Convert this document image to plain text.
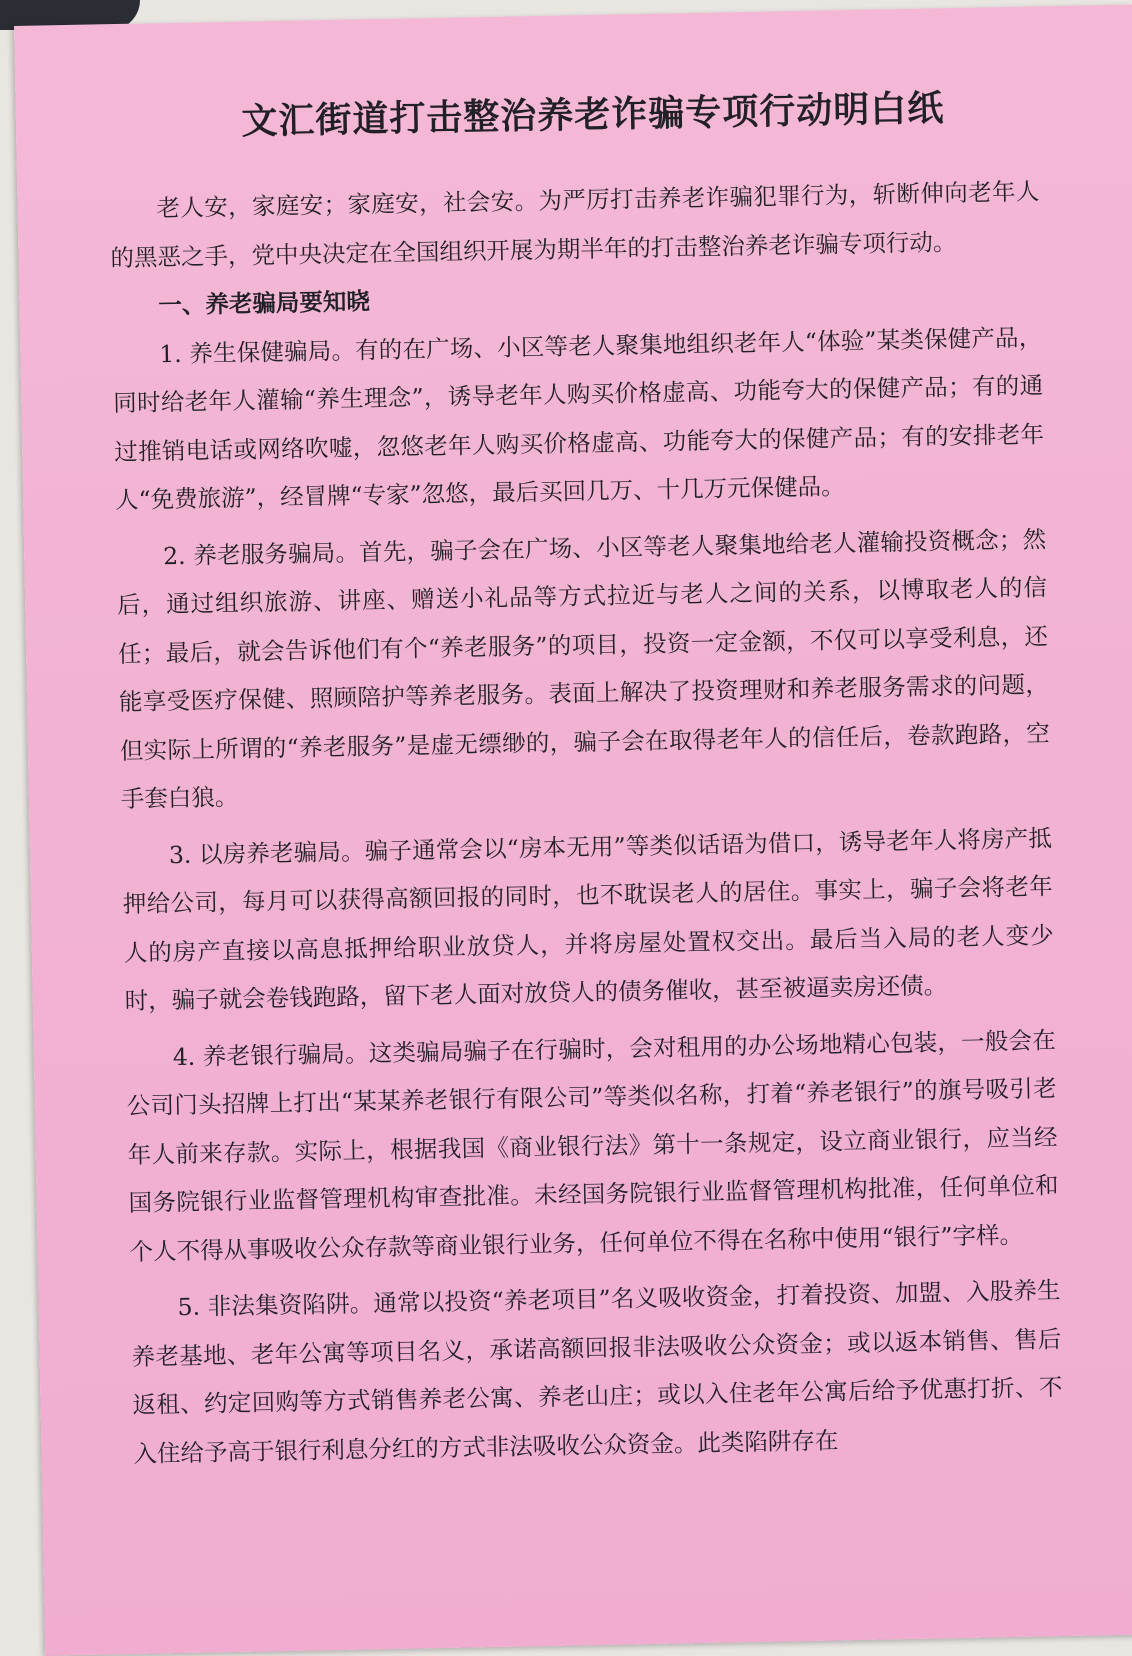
文汇街道打击整治养老诈骗专项行动明白纸

老人安，家庭安；家庭安，社会安。为严厉打击养老诈骗犯罪行为，斩断伸向老年人的黑恶之手，党中央决定在全国组织开展为期半年的打击整治养老诈骗专项行动。

一、养老骗局要知晓

1. 养生保健骗局。有的在广场、小区等老人聚集地组织老年人“体验”某类保健产品，同时给老年人灌输“养生理念”，诱导老年人购买价格虚高、功能夸大的保健产品；有的通过推销电话或网络吹嘘，忽悠老年人购买价格虚高、功能夸大的保健产品；有的安排老年人“免费旅游”，经冒牌“专家”忽悠，最后买回几万、十几万元保健品。

2. 养老服务骗局。首先，骗子会在广场、小区等老人聚集地给老人灌输投资概念；然后，通过组织旅游、讲座、赠送小礼品等方式拉近与老人之间的关系，以博取老人的信任；最后，就会告诉他们有个“养老服务”的项目，投资一定金额，不仅可以享受利息，还能享受医疗保健、照顾陪护等养老服务。表面上解决了投资理财和养老服务需求的问题，但实际上所谓的“养老服务”是虚无缥缈的，骗子会在取得老年人的信任后，卷款跑路，空手套白狼。

3. 以房养老骗局。骗子通常会以“房本无用”等类似话语为借口，诱导老年人将房产抵押给公司，每月可以获得高额回报的同时，也不耽误老人的居住。事实上，骗子会将老年人的房产直接以高息抵押给职业放贷人，并将房屋处置权交出。最后当入局的老人变少时，骗子就会卷钱跑路，留下老人面对放贷人的债务催收，甚至被逼卖房还债。

4. 养老银行骗局。这类骗局骗子在行骗时，会对租用的办公场地精心包装，一般会在公司门头招牌上打出“某某养老银行有限公司”等类似名称，打着“养老银行”的旗号吸引老年人前来存款。实际上，根据我国《商业银行法》第十一条规定，设立商业银行，应当经国务院银行业监督管理机构审查批准。未经国务院银行业监督管理机构批准，任何单位和个人不得从事吸收公众存款等商业银行业务，任何单位不得在名称中使用“银行”字样。

5. 非法集资陷阱。通常以投资“养老项目”名义吸收资金，打着投资、加盟、入股养生养老基地、老年公寓等项目名义，承诺高额回报非法吸收公众资金；或以返本销售、售后返租、约定回购等方式销售养老公寓、养老山庄；或以入住老年公寓后给予优惠打折、不入住给予高于银行利息分红的方式非法吸收公众资金。此类陷阱存在
